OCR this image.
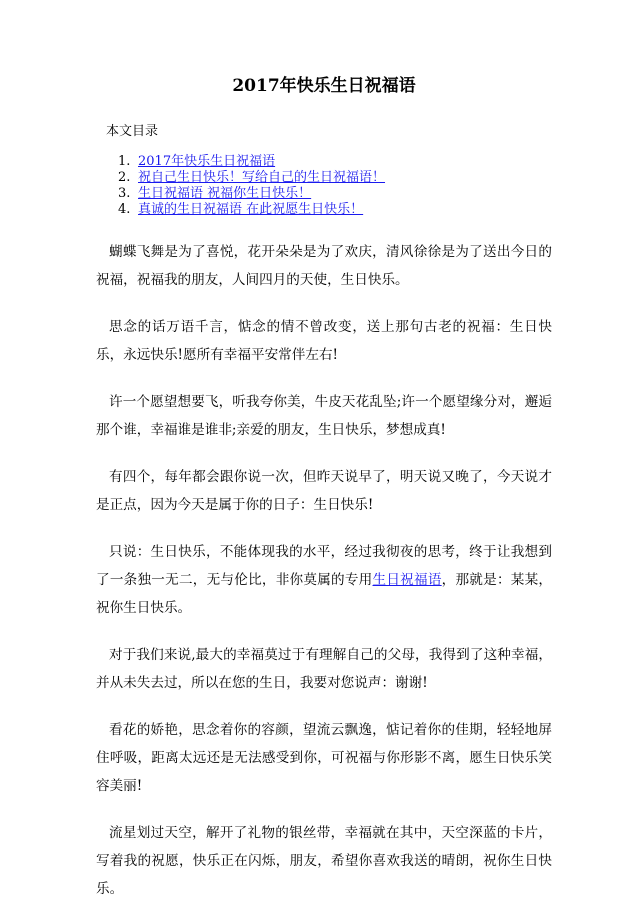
2017年快乐生日祝福语
本文目录
1. 2017年快乐生日祝福语
2. 祝自己生日快乐！写给自己的生日祝福语！
3. 生日祝福语 祝福你生日快乐！
4. 真诚的生日祝福语 在此祝愿生日快乐！

蝴蝶飞舞是为了喜悦，花开朵朵是为了欢庆，清风徐徐是为了送出今日的祝福，祝福我的朋友，人间四月的天使，生日快乐。

思念的话万语千言，惦念的情不曾改变，送上那句古老的祝福：生日快乐，永远快乐!愿所有幸福平安常伴左右!

许一个愿望想要飞，听我夸你美，牛皮天花乱坠;许一个愿望缘分对，邂逅那个谁，幸福谁是谁非;亲爱的朋友，生日快乐，梦想成真!

有四个，每年都会跟你说一次，但昨天说早了，明天说又晚了，今天说才是正点，因为今天是属于你的日子：生日快乐!

只说：生日快乐，不能体现我的水平，经过我彻夜的思考，终于让我想到了一条独一无二，无与伦比，非你莫属的专用生日祝福语，那就是：某某，祝你生日快乐。

对于我们来说,最大的幸福莫过于有理解自己的父母，我得到了这种幸福，并从未失去过，所以在您的生日，我要对您说声：谢谢!

看花的娇艳，思念着你的容颜，望流云飘逸，惦记着你的佳期，轻轻地屏住呼吸，距离太远还是无法感受到你，可祝福与你形影不离，愿生日快乐笑容美丽!

流星划过天空，解开了礼物的银丝带，幸福就在其中，天空深蓝的卡片，写着我的祝愿，快乐正在闪烁，朋友，希望你喜欢我送的晴朗，祝你生日快乐。
